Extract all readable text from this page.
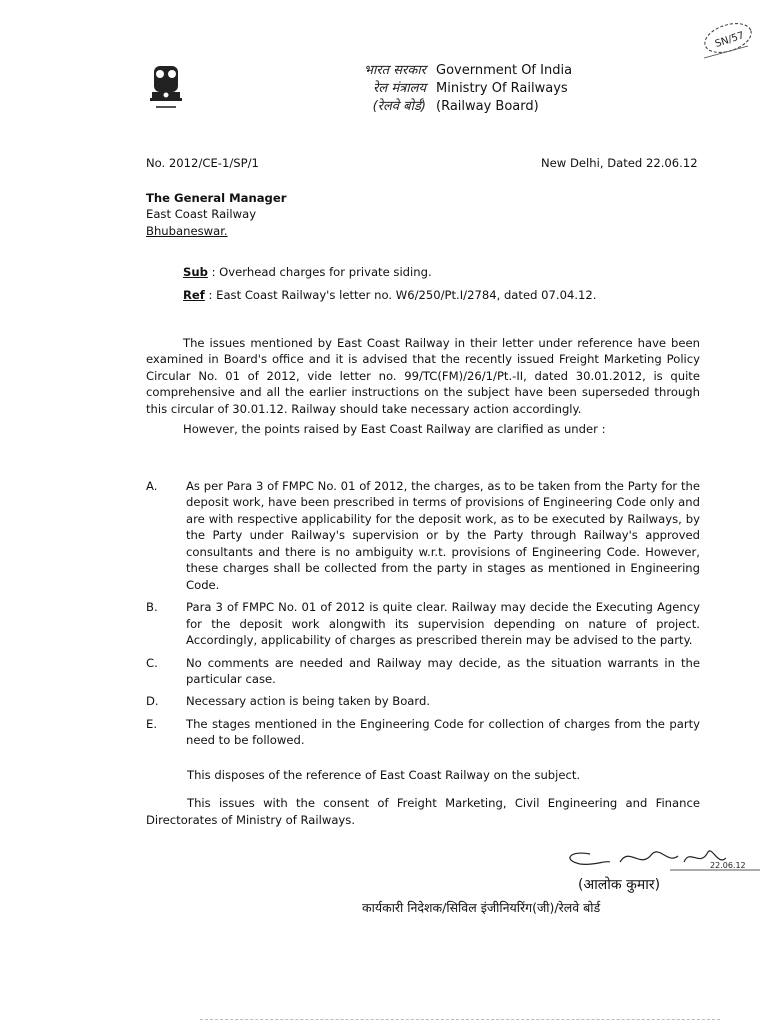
भारत सरकार Government Of India
रेल मंत्रालय Ministry Of Railways
(रेलवे बोर्ड) (Railway Board)
SN/57
No. 2012/CE-1/SP/1	New Delhi, Dated 22.06.12
The General Manager
East Coast Railway
Bhubaneswar.
Sub : Overhead charges for private siding.
Ref : East Coast Railway's letter no. W6/250/Pt.I/2784, dated 07.04.12.

The issues mentioned by East Coast Railway in their letter under reference have been examined in Board's office and it is advised that the recently issued Freight Marketing Policy Circular No. 01 of 2012, vide letter no. 99/TC(FM)/26/1/Pt.-II, dated 30.01.2012, is quite comprehensive and all the earlier instructions on the subject have been superseded through this circular of 30.01.12. Railway should take necessary action accordingly.

However, the points raised by East Coast Railway are clarified as under :

A.	As per Para 3 of FMPC No. 01 of 2012, the charges, as to be taken from the Party for the deposit work, have been prescribed in terms of provisions of Engineering Code only and are with respective applicability for the deposit work, as to be executed by Railways, by the Party under Railway's supervision or by the Party through Railway's approved consultants and there is no ambiguity w.r.t. provisions of Engineering Code. However, these charges shall be collected from the party in stages as mentioned in Engineering Code.
B.	Para 3 of FMPC No. 01 of 2012 is quite clear. Railway may decide the Executing Agency for the deposit work alongwith its supervision depending on nature of project. Accordingly, applicability of charges as prescribed therein may be advised to the party.
C.	No comments are needed and Railway may decide, as the situation warrants in the particular case.
D.	Necessary action is being taken by Board.
E.	The stages mentioned in the Engineering Code for collection of charges from the party need to be followed.
This disposes of the reference of East Coast Railway on the subject.
This issues with the consent of Freight Marketing, Civil Engineering and Finance Directorates of Ministry of Railways.
22.06.12
(आलोक कुमार)
कार्यकारी निदेशक/सिविल इंजीनियरिंग(जी)/रेलवे बोर्ड
